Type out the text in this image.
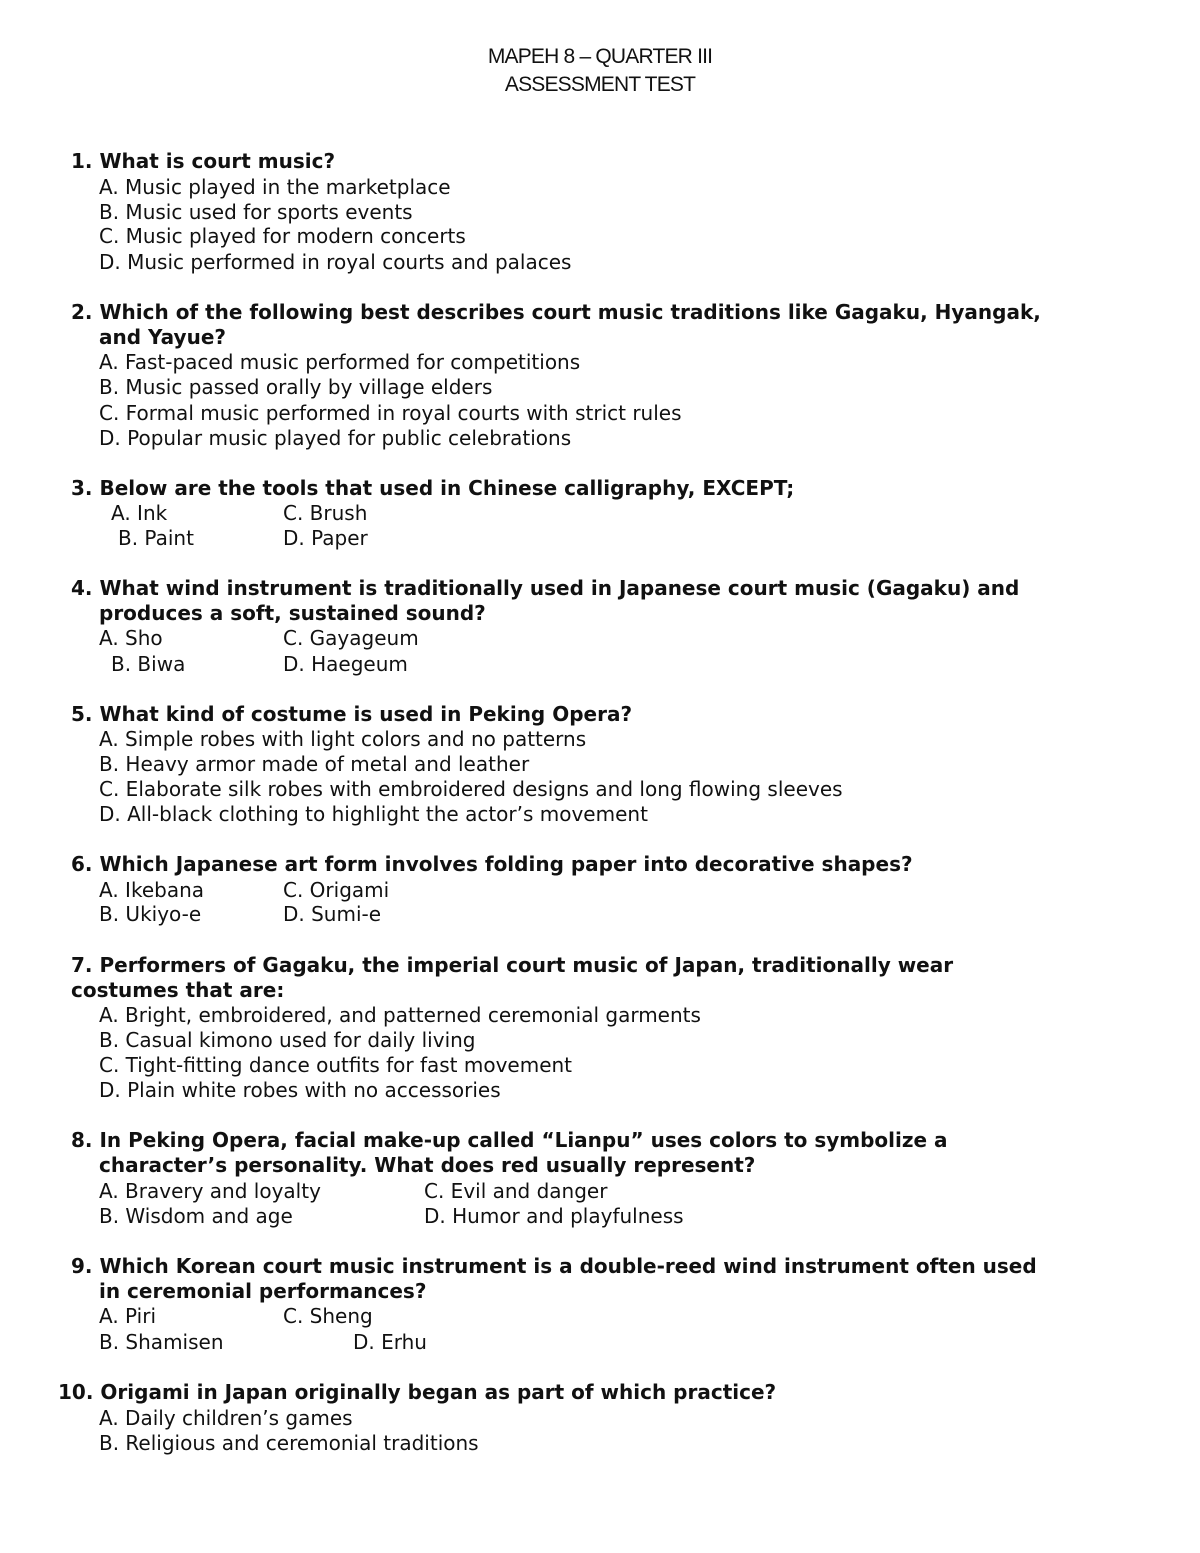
MAPEH 8 – QUARTER III
ASSESSMENT TEST
1. What is court music?
A. Music played in the marketplace
B. Music used for sports events
C. Music played for modern concerts
D. Music performed in royal courts and palaces
2. Which of the following best describes court music traditions like Gagaku, Hyangak,
and Yayue?
A. Fast-paced music performed for competitions
B. Music passed orally by village elders
C. Formal music performed in royal courts with strict rules
D. Popular music played for public celebrations
3. Below are the tools that used in Chinese calligraphy, EXCEPT;
A. Ink	C. Brush
B. Paint	D. Paper
4. What wind instrument is traditionally used in Japanese court music (Gagaku) and
produces a soft, sustained sound?
A. Sho	C. Gayageum
B. Biwa	D. Haegeum
5. What kind of costume is used in Peking Opera?
A. Simple robes with light colors and no patterns
B. Heavy armor made of metal and leather
C. Elaborate silk robes with embroidered designs and long flowing sleeves
D. All-black clothing to highlight the actor’s movement
6. Which Japanese art form involves folding paper into decorative shapes?
A. Ikebana	C. Origami
B. Ukiyo-e	D. Sumi-e
7. Performers of Gagaku, the imperial court music of Japan, traditionally wear
costumes that are:
A. Bright, embroidered, and patterned ceremonial garments
B. Casual kimono used for daily living
C. Tight-fitting dance outfits for fast movement
D. Plain white robes with no accessories
8. In Peking Opera, facial make-up called “Lianpu” uses colors to symbolize a
character’s personality. What does red usually represent?
A. Bravery and loyalty	C. Evil and danger
B. Wisdom and age	D. Humor and playfulness
9. Which Korean court music instrument is a double-reed wind instrument often used
in ceremonial performances?
A. Piri	C. Sheng
B. Shamisen	D. Erhu
10. Origami in Japan originally began as part of which practice?
A. Daily children’s games
B. Religious and ceremonial traditions
